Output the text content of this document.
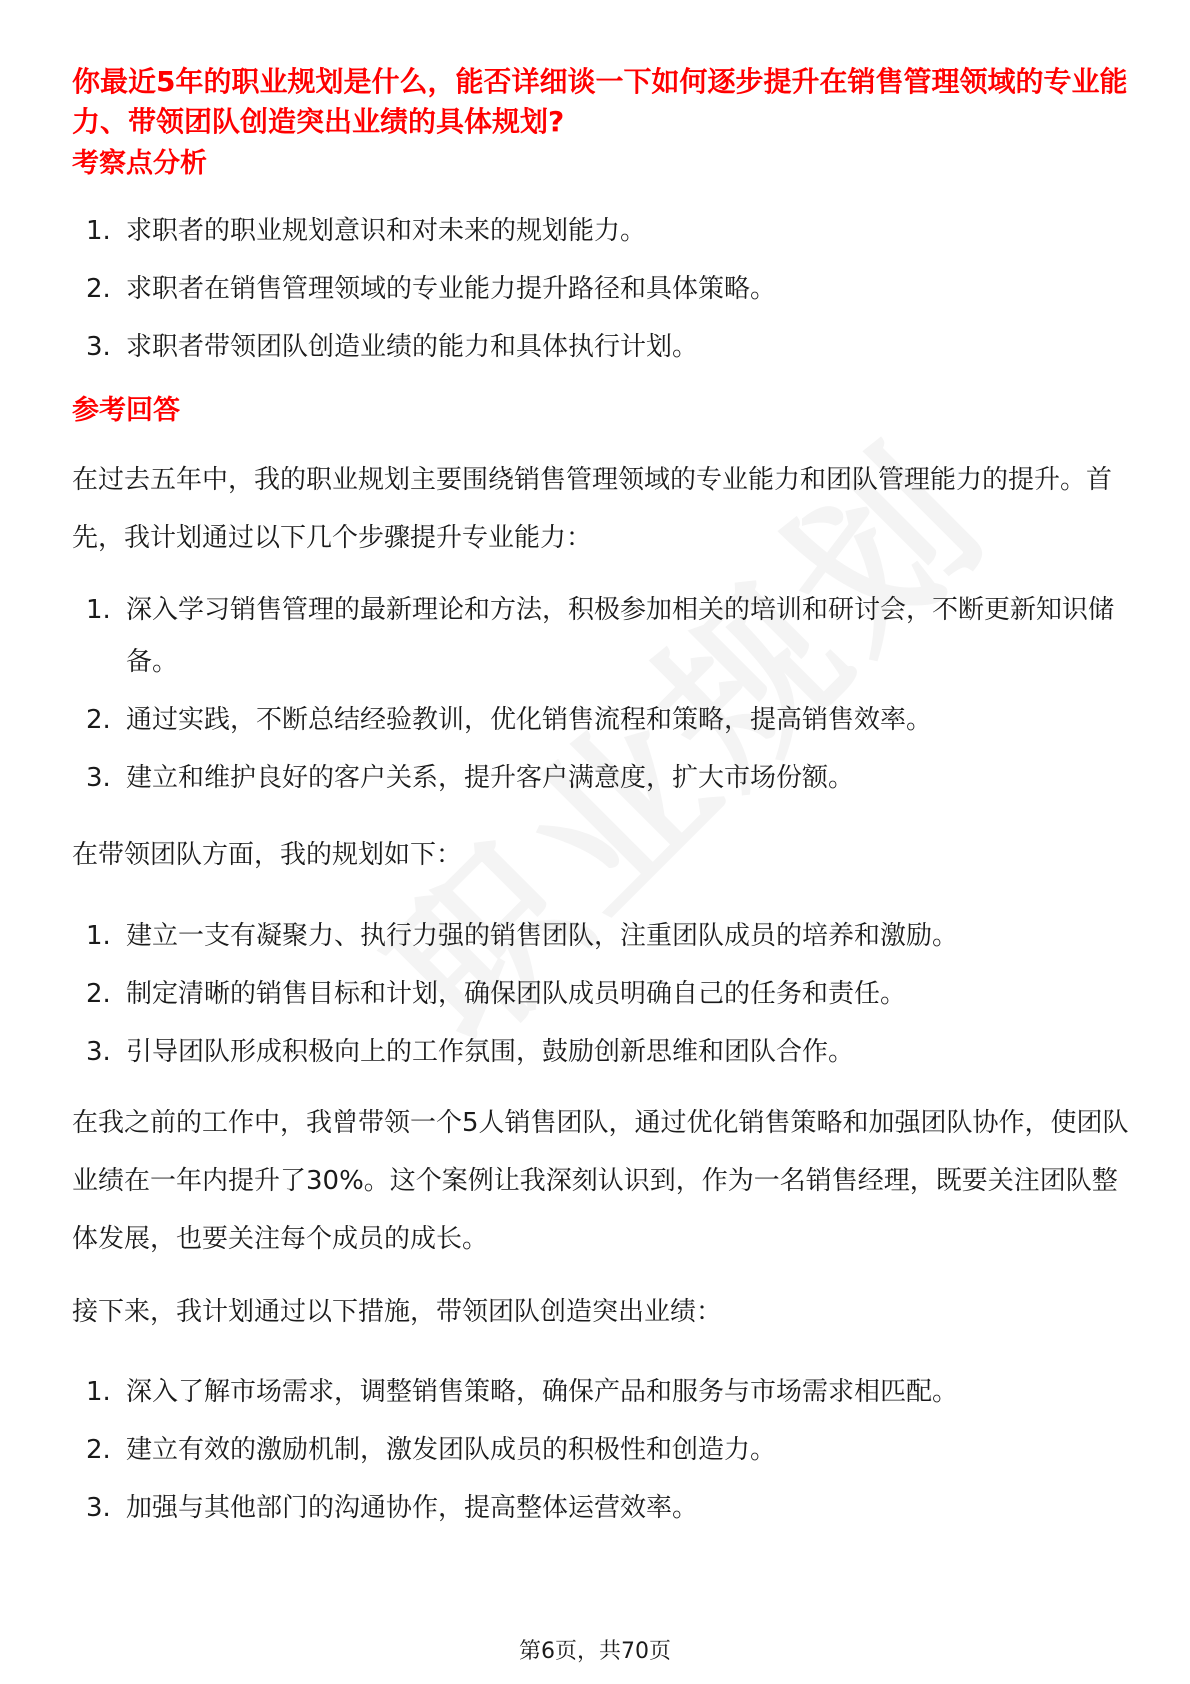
你最近5年的职业规划是什么，能否详细谈一下如何逐步提升在销售管理领域的专业能力、带领团队创造突出业绩的具体规划?
考察点分析
1. 求职者的职业规划意识和对未来的规划能力。
2. 求职者在销售管理领域的专业能力提升路径和具体策略。
3. 求职者带领团队创造业绩的能力和具体执行计划。
参考回答

在过去五年中，我的职业规划主要围绕销售管理领域的专业能力和团队管理能力的提升。首先，我计划通过以下几个步骤提升专业能力：

1. 深入学习销售管理的最新理论和方法，积极参加相关的培训和研讨会，不断更新知识储备。
2. 通过实践，不断总结经验教训，优化销售流程和策略，提高销售效率。
3. 建立和维护良好的客户关系，提升客户满意度，扩大市场份额。

在带领团队方面，我的规划如下：

1. 建立一支有凝聚力、执行力强的销售团队，注重团队成员的培养和激励。
2. 制定清晰的销售目标和计划，确保团队成员明确自己的任务和责任。
3. 引导团队形成积极向上的工作氛围，鼓励创新思维和团队合作。

在我之前的工作中，我曾带领一个5人销售团队，通过优化销售策略和加强团队协作，使团队业绩在一年内提升了30%。这个案例让我深刻认识到，作为一名销售经理，既要关注团队整体发展，也要关注每个成员的成长。

接下来，我计划通过以下措施，带领团队创造突出业绩：

1. 深入了解市场需求，调整销售策略，确保产品和服务与市场需求相匹配。
2. 建立有效的激励机制，激发团队成员的积极性和创造力。
3. 加强与其他部门的沟通协作，提高整体运营效率。

第6页，共70页
